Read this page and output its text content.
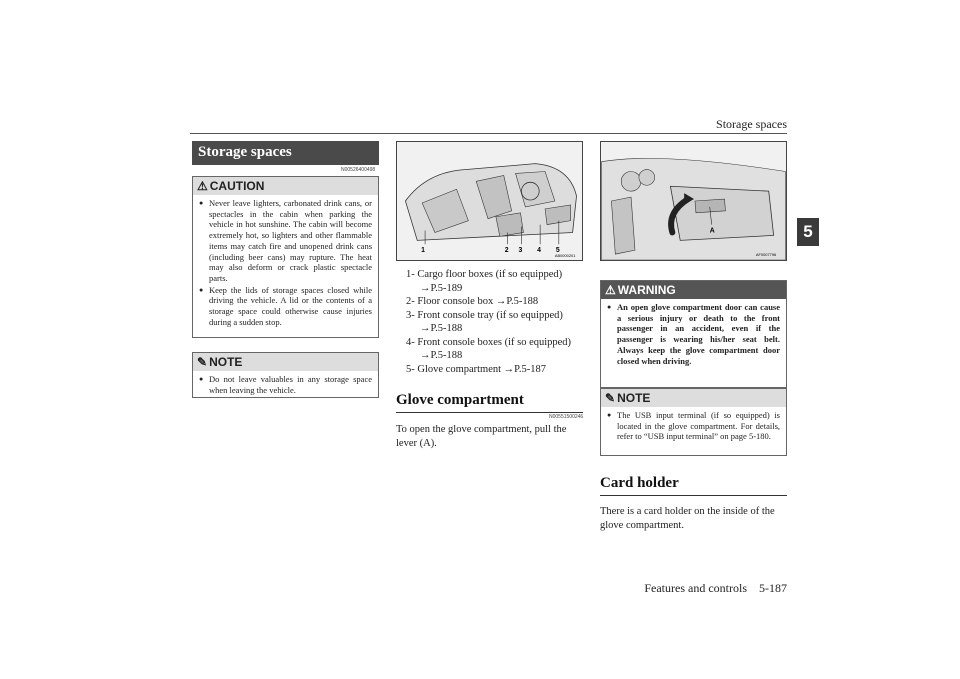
Storage spaces
5
Storage spaces
N00526400498
⚠ CAUTION
● Never leave lighters, carbonated drink cans, or spectacles in the cabin when parking the vehicle in hot sunshine. The cabin will become extremely hot, so lighters and other flammable items may catch fire and unopened drink cans (including beer cans) may rupture. The heat may also deform or crack plastic spectacle parts.
● Keep the lids of storage spaces closed while driving the vehicle. A lid or the contents of a storage space could otherwise cause injuries during a sudden stop.
✎ NOTE
● Do not leave valuables in any storage space when leaving the vehicle.
1	2 3 4 5
AB0000201
1- Cargo floor boxes (if so equipped)
→P.5-189
2- Floor console box →P.5-188
3- Front console tray (if so equipped)
→P.5-188
4- Front console boxes (if so equipped)
→P.5-188
5- Glove compartment →P.5-187
Glove compartment
N00551500246
To open the glove compartment, pull the lever (A).
A
AF0007796
⚠ WARNING
● An open glove compartment door can cause a serious injury or death to the front passenger in an accident, even if the passenger is wearing his/her seat belt. Always keep the glove compartment door closed when driving.
✎ NOTE
● The USB input terminal (if so equipped) is located in the glove compartment. For details, refer to “USB input terminal” on page 5-180.
Card holder
There is a card holder on the inside of the glove compartment.
Features and controls 5-187
